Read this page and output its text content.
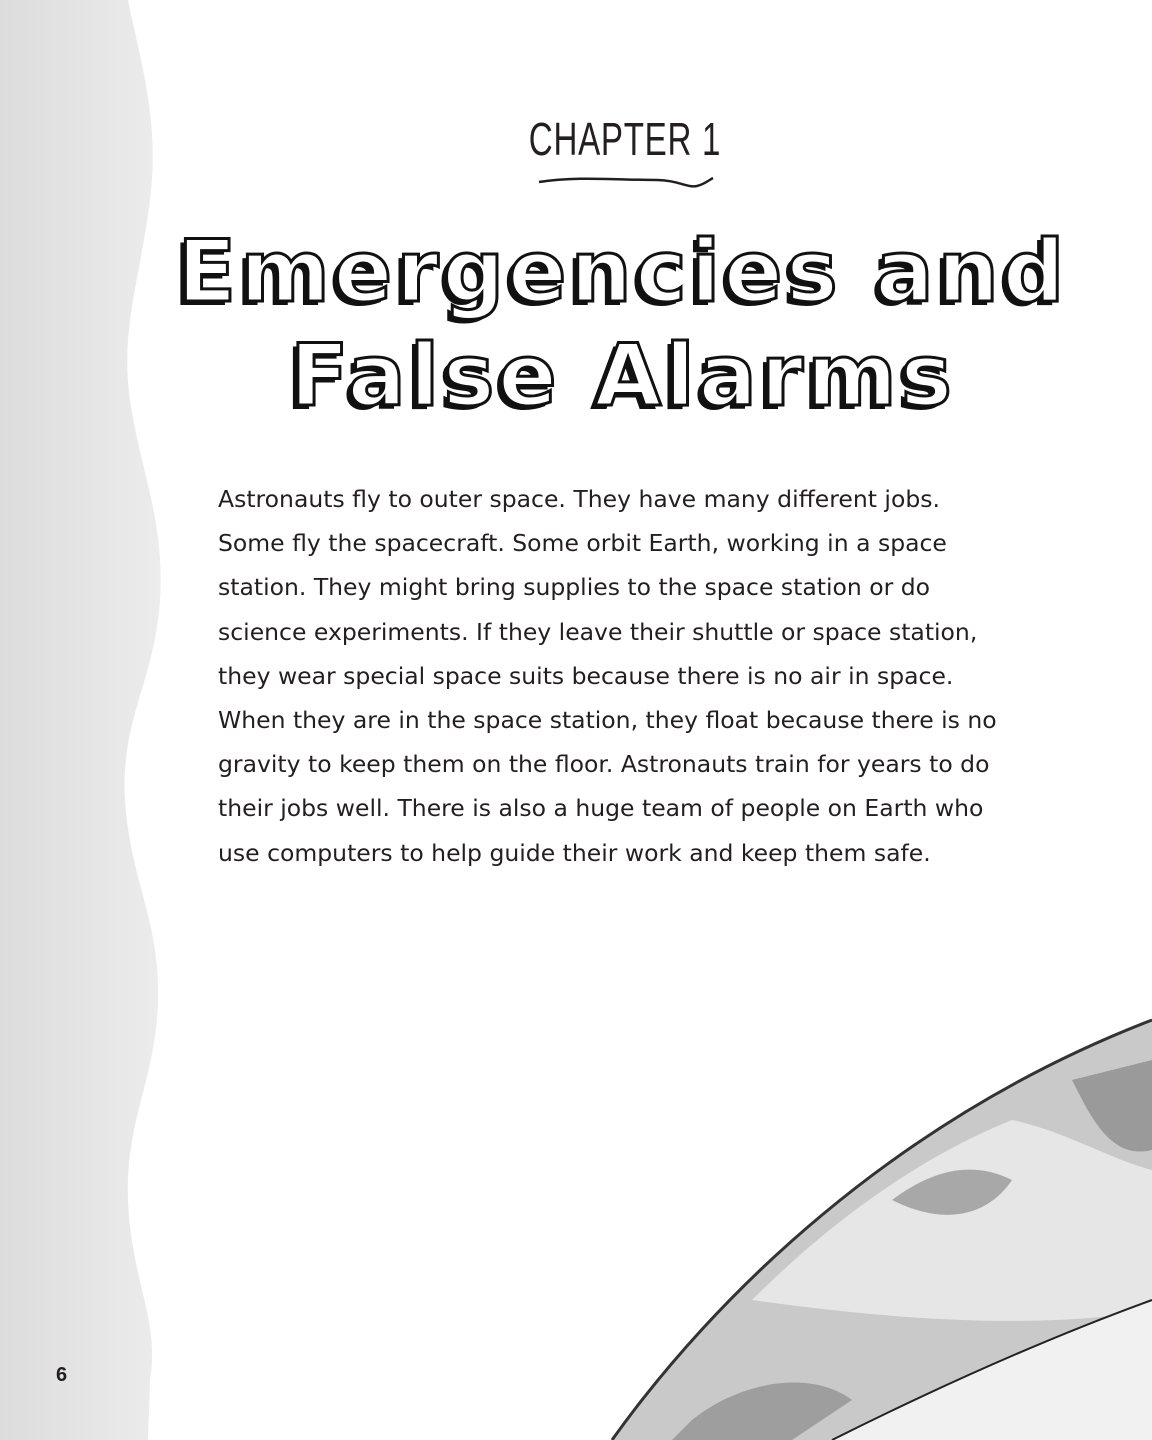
CHAPTER 1
Emergencies and
False Alarms
Astronauts fly to outer space. They have many different jobs.
Some fly the spacecraft. Some orbit Earth, working in a space
station. They might bring supplies to the space station or do
science experiments. If they leave their shuttle or space station,
they wear special space suits because there is no air in space.
When they are in the space station, they float because there is no
gravity to keep them on the floor. Astronauts train for years to do
their jobs well. There is also a huge team of people on Earth who
use computers to help guide their work and keep them safe.
6
